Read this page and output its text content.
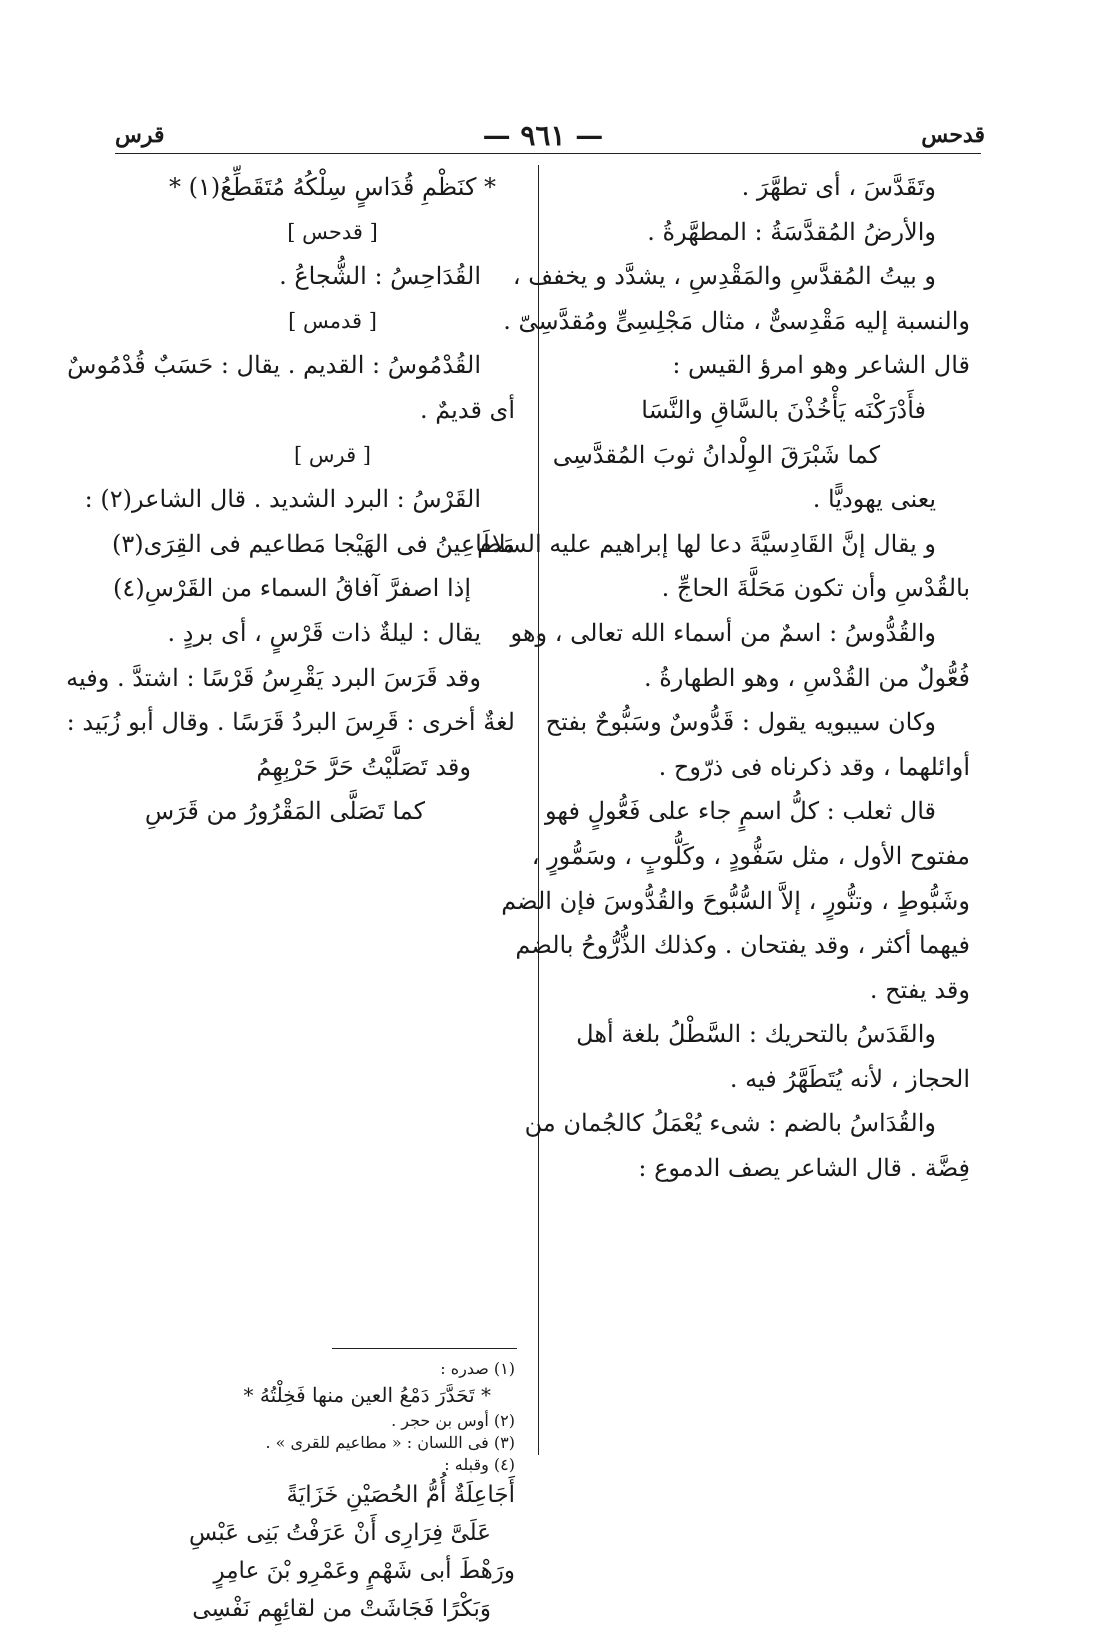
قرس	— ٩٦١ —	قدحس
وتَقَدَّسَ ، أى تطهَّرَ .
والأرضُ المُقدَّسَةُ : المطهَّرةُ .
و بيتُ المُقدَّسِ والمَقْدِسِ ، يشدَّد و يخفف ،
والنسبة إليه مَقْدِسىٌّ ، مثال مَجْلِسِىٍّ ومُقدَّسِىّ .
قال الشاعر وهو امرؤ القيس :
فأَدْرَكْنَه يَأْخُذْنَ بالسَّاقِ والنَّسَا
كما شَبْرَقَ الوِلْدانُ ثوبَ المُقدَّسِى
يعنى يهوديًّا .
و يقال إنَّ القَادِسيَّةَ دعا لها إبراهيم عليه السلام
بالقُدْسِ وأن تكون مَحَلَّةَ الحاجِّ .
والقُدُّوسُ : اسمٌ من أسماء الله تعالى ، وهو
فُعُّولٌ من القُدْسِ ، وهو الطهارةُ .
وكان سيبويه يقول : قَدُّوسٌ وسَبُّوحٌ بفتح
أوائلهما ، وقد ذكرناه فى ذرّوح .
قال ثعلب : كلُّ اسمٍ جاء على فَعُّولٍ فهو
مفتوح الأول ، مثل سَفُّودٍ ، وكَلُّوبٍ ، وسَمُّورٍ ،
وشَبُّوطٍ ، وتنُّورٍ ، إلاَّ السُّبُّوحَ والقُدُّوسَ فإن الضم
فيهما أكثر ، وقد يفتحان . وكذلك الذُّرُّوحُ بالضم
وقد يفتح .
والقَدَسُ بالتحريك : السَّطْلُ بلغة أهل
الحجاز ، لأنه يُتَطَهَّرُ فيه .
والقُدَاسُ بالضم : شىء يُعْمَلُ كالجُمان من
فِضَّة . قال الشاعر يصف الدموع :
* كنَظْمِ قُدَاسٍ سِلْكُهُ مُتَقَطِّعُ(١) *
[ قدحس ]
القُدَاحِسُ : الشُّجاعُ .
[ قدمس ]
القُدْمُوسُ : القديم . يقال : حَسَبٌ قُدْمُوسٌ
أى قديمٌ .
[ قرس ]
القَرْسُ : البرد الشديد . قال الشاعر(٢) :
مَطَاعِينُ فى الهَيْجا مَطاعيم فى القِرَى(٣)
إذا اصفرَّ آفاقُ السماء من القَرْسِ(٤)
يقال : ليلةٌ ذات قَرْسٍ ، أى بردٍ .
وقد قَرَسَ البرد يَقْرِسُ قَرْسًا : اشتدَّ . وفيه
لغةٌ أخرى : قَرِسَ البردُ قَرَسًا . وقال أبو زُبَيد :
وقد تَصَلَّيْتُ حَرَّ حَرْبِهِمُ
كما تَصَلَّى المَقْرُورُ من قَرَسِ
(١) صدره :
* تَحَدَّرَ دَمْعُ العين منها فَخِلْتُهُ *
(٢) أوس بن حجر .
(٣) فى اللسان : « مطاعيم للقرى » .
(٤) وقبله :
أَجَاعِلَةٌ أُمُّ الحُصَيْنِ خَزَايَةً
عَلَىَّ فِرَارِى أَنْ عَرَفْتُ بَنِى عَبْسِ
ورَهْطَ أبى شَهْمٍ وعَمْرِو بْنَ عامِرٍ
وَبَكْرًا فَجَاشَتْ من لقائِهِم نَفْسِى
